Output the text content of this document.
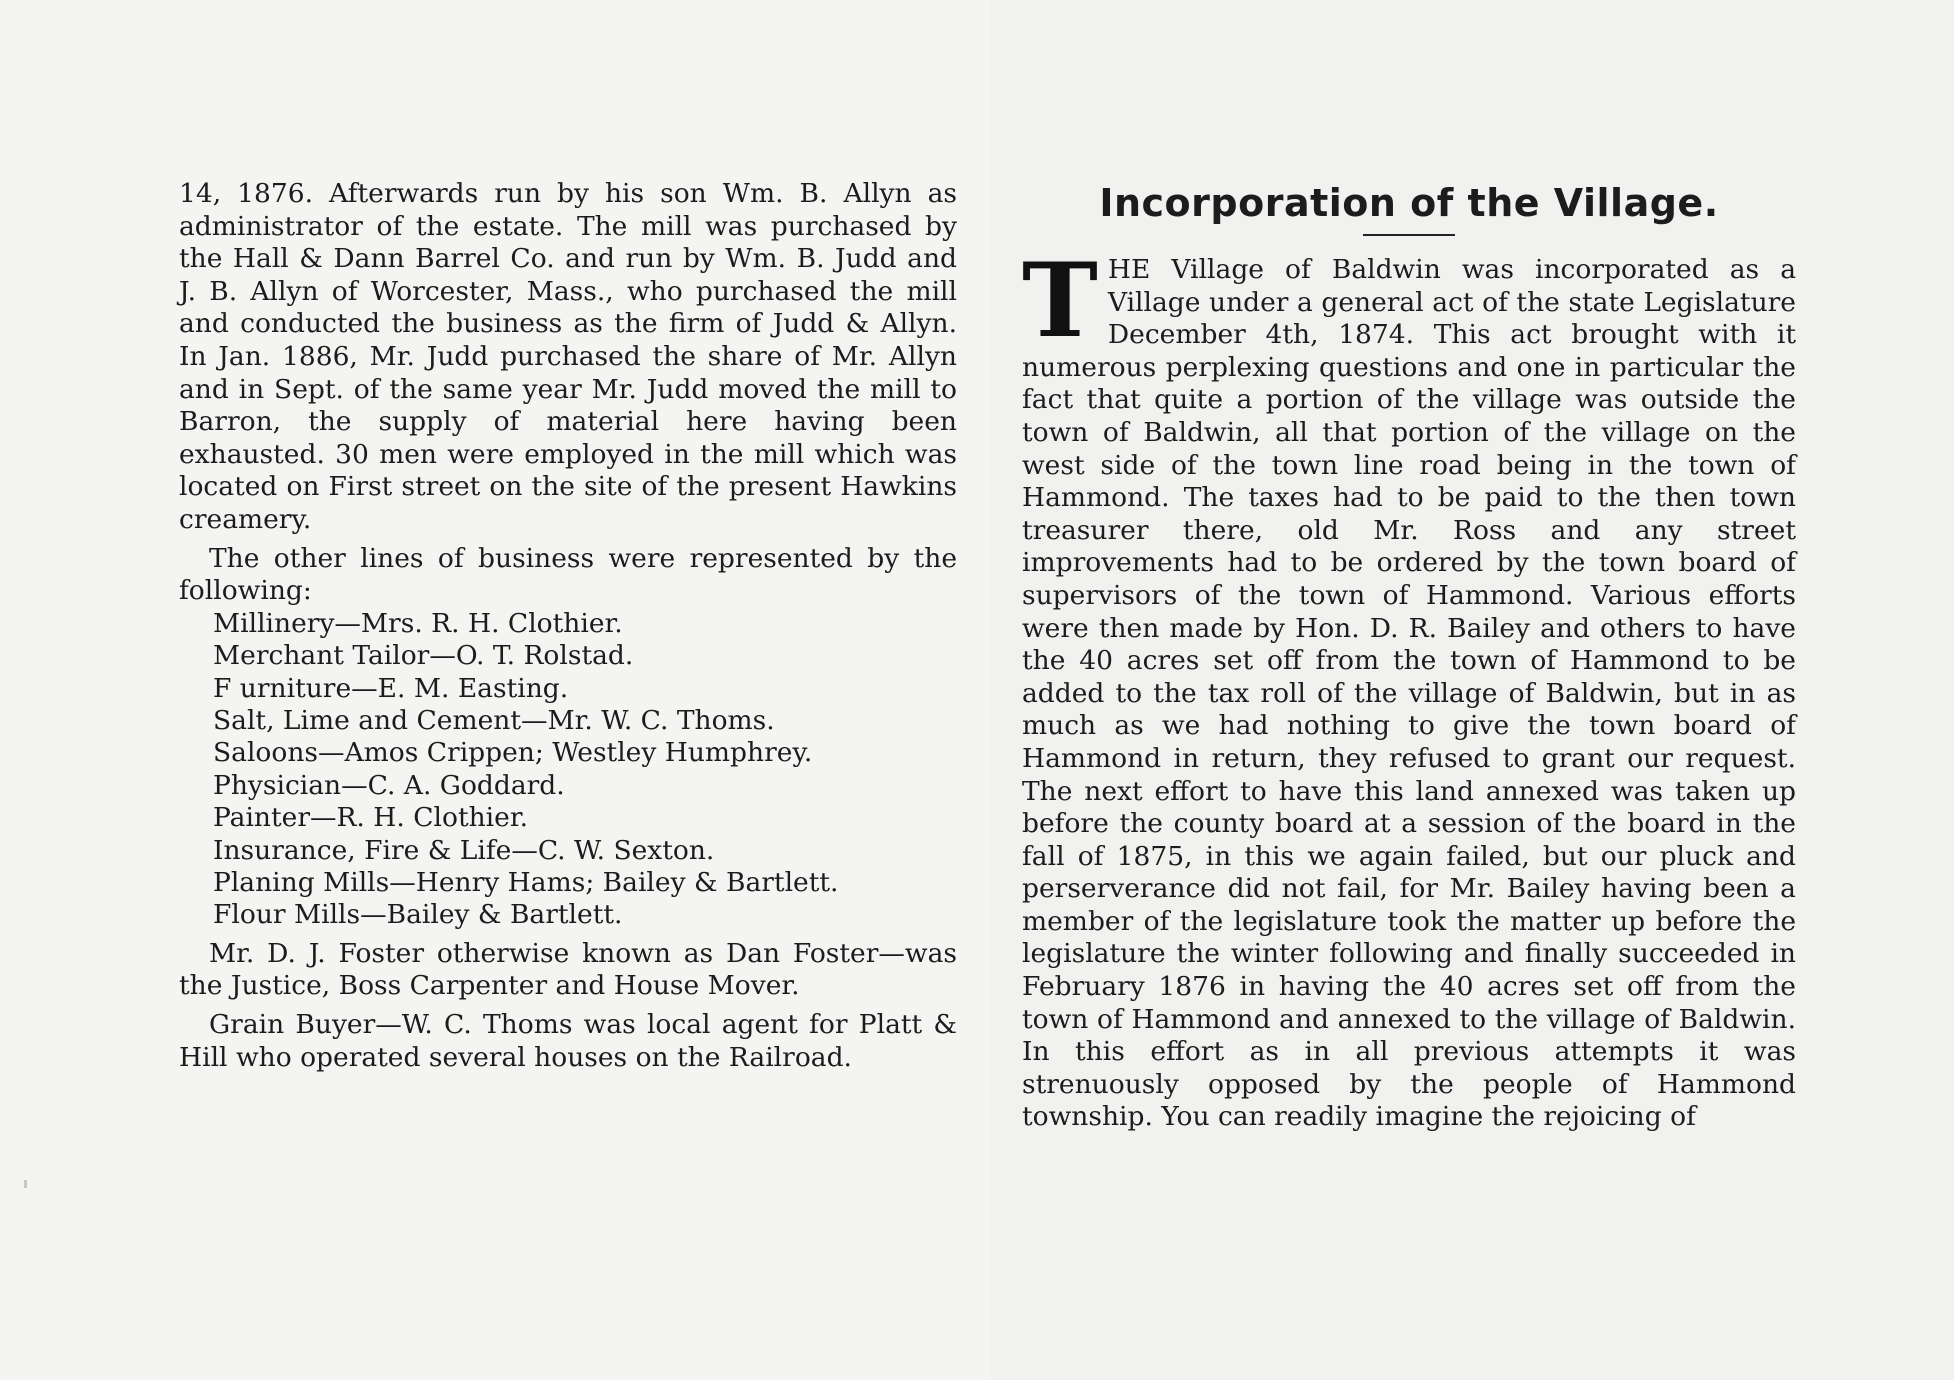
14, 1876. Afterwards run by his son Wm. B. Allyn as administrator of the estate. The mill was purchased by the Hall & Dann Barrel Co. and run by Wm. B. Judd and J. B. Allyn of Worcester, Mass., who purchased the mill and conducted the business as the firm of Judd & Allyn. In Jan. 1886, Mr. Judd purchased the share of Mr. Allyn and in Sept. of the same year Mr. Judd moved the mill to Barron, the supply of material here having been exhausted. 30 men were employed in the mill which was located on First street on the site of the present Hawkins creamery.

The other lines of business were represented by the following:

Millinery—Mrs. R. H. Clothier.
Merchant Tailor—O. T. Rolstad.
F urniture—E. M. Easting.
Salt, Lime and Cement—Mr. W. C. Thoms.
Saloons—Amos Crippen; Westley Humphrey.
Physician—C. A. Goddard.
Painter—R. H. Clothier.
Insurance, Fire & Life—C. W. Sexton.
Planing Mills—Henry Hams; Bailey & Bartlett.
Flour Mills—Bailey & Bartlett.

Mr. D. J. Foster otherwise known as Dan Foster—was the Justice, Boss Carpenter and House Mover.

Grain Buyer—W. C. Thoms was local agent for Platt & Hill who operated several houses on the Railroad.

Incorporation of the Village.

THE Village of Baldwin was incorporated as a Village under a general act of the state Legislature December 4th, 1874. This act brought with it numerous perplexing questions and one in particular the fact that quite a portion of the village was outside the town of Baldwin, all that portion of the village on the west side of the town line road being in the town of Hammond. The taxes had to be paid to the then town treasurer there, old Mr. Ross and any street improvements had to be ordered by the town board of supervisors of the town of Hammond. Various efforts were then made by Hon. D. R. Bailey and others to have the 40 acres set off from the town of Hammond to be added to the tax roll of the village of Baldwin, but in as much as we had nothing to give the town board of Hammond in return, they refused to grant our request. The next effort to have this land annexed was taken up before the county board at a session of the board in the fall of 1875, in this we again failed, but our pluck and perserverance did not fail, for Mr. Bailey having been a member of the legislature took the matter up before the legislature the winter following and finally succeeded in February 1876 in having the 40 acres set off from the town of Hammond and annexed to the village of Baldwin. In this effort as in all previous attempts it was strenuously opposed by the people of Hammond township. You can readily imagine the rejoicing of
